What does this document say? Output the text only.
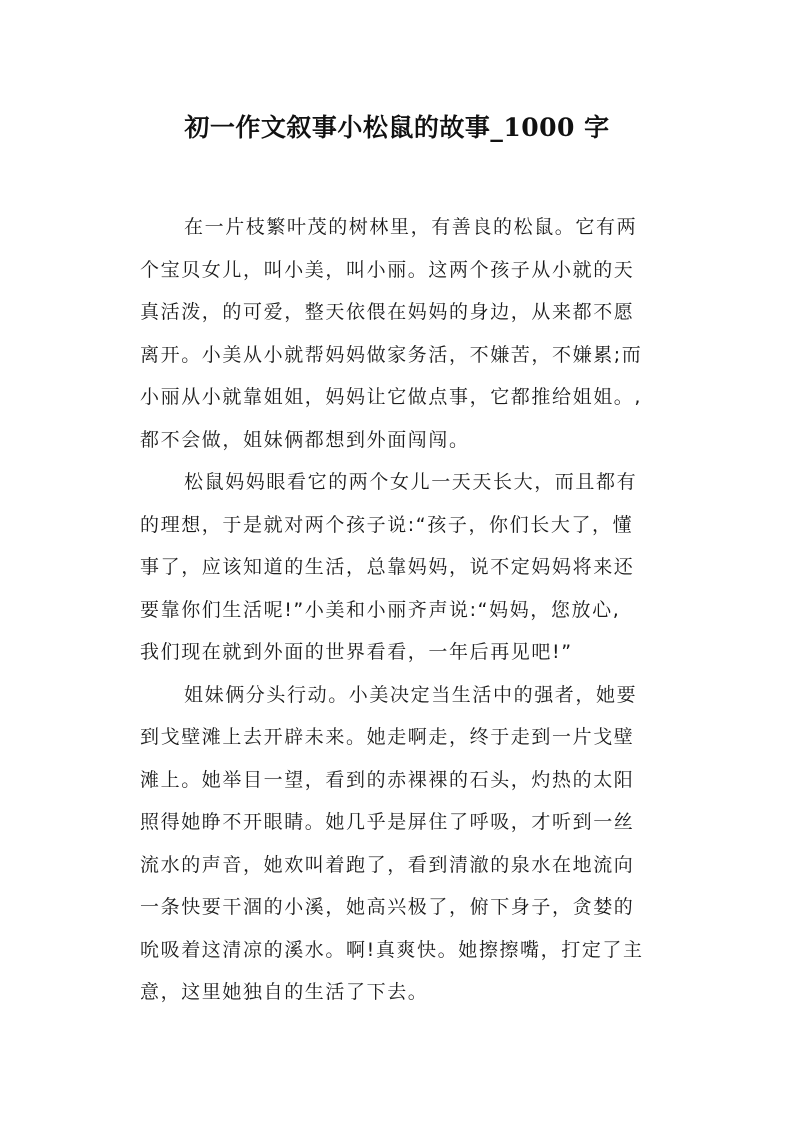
初一作文叙事小松鼠的故事_1000 字
在一片枝繁叶茂的树林里，有善良的松鼠。它有两
个宝贝女儿，叫小美，叫小丽。这两个孩子从小就的天
真活泼，的可爱，整天依偎在妈妈的身边，从来都不愿
离开。小美从小就帮妈妈做家务活，不嫌苦，不嫌累;而
小丽从小就靠姐姐，妈妈让它做点事，它都推给姐姐。,
都不会做，姐妹俩都想到外面闯闯。
松鼠妈妈眼看它的两个女儿一天天长大，而且都有
的理想，于是就对两个孩子说:“孩子，你们长大了，懂
事了，应该知道的生活，总靠妈妈，说不定妈妈将来还
要靠你们生活呢!”小美和小丽齐声说:“妈妈，您放心,
我们现在就到外面的世界看看，一年后再见吧!”
姐妹俩分头行动。小美决定当生活中的强者，她要
到戈壁滩上去开辟未来。她走啊走，终于走到一片戈壁
滩上。她举目一望，看到的赤裸裸的石头，灼热的太阳
照得她睁不开眼睛。她几乎是屏住了呼吸，才听到一丝
流水的声音，她欢叫着跑了，看到清澈的泉水在地流向
一条快要干涸的小溪，她高兴极了，俯下身子，贪婪的
吮吸着这清凉的溪水。啊!真爽快。她擦擦嘴，打定了主
意，这里她独自的生活了下去。
